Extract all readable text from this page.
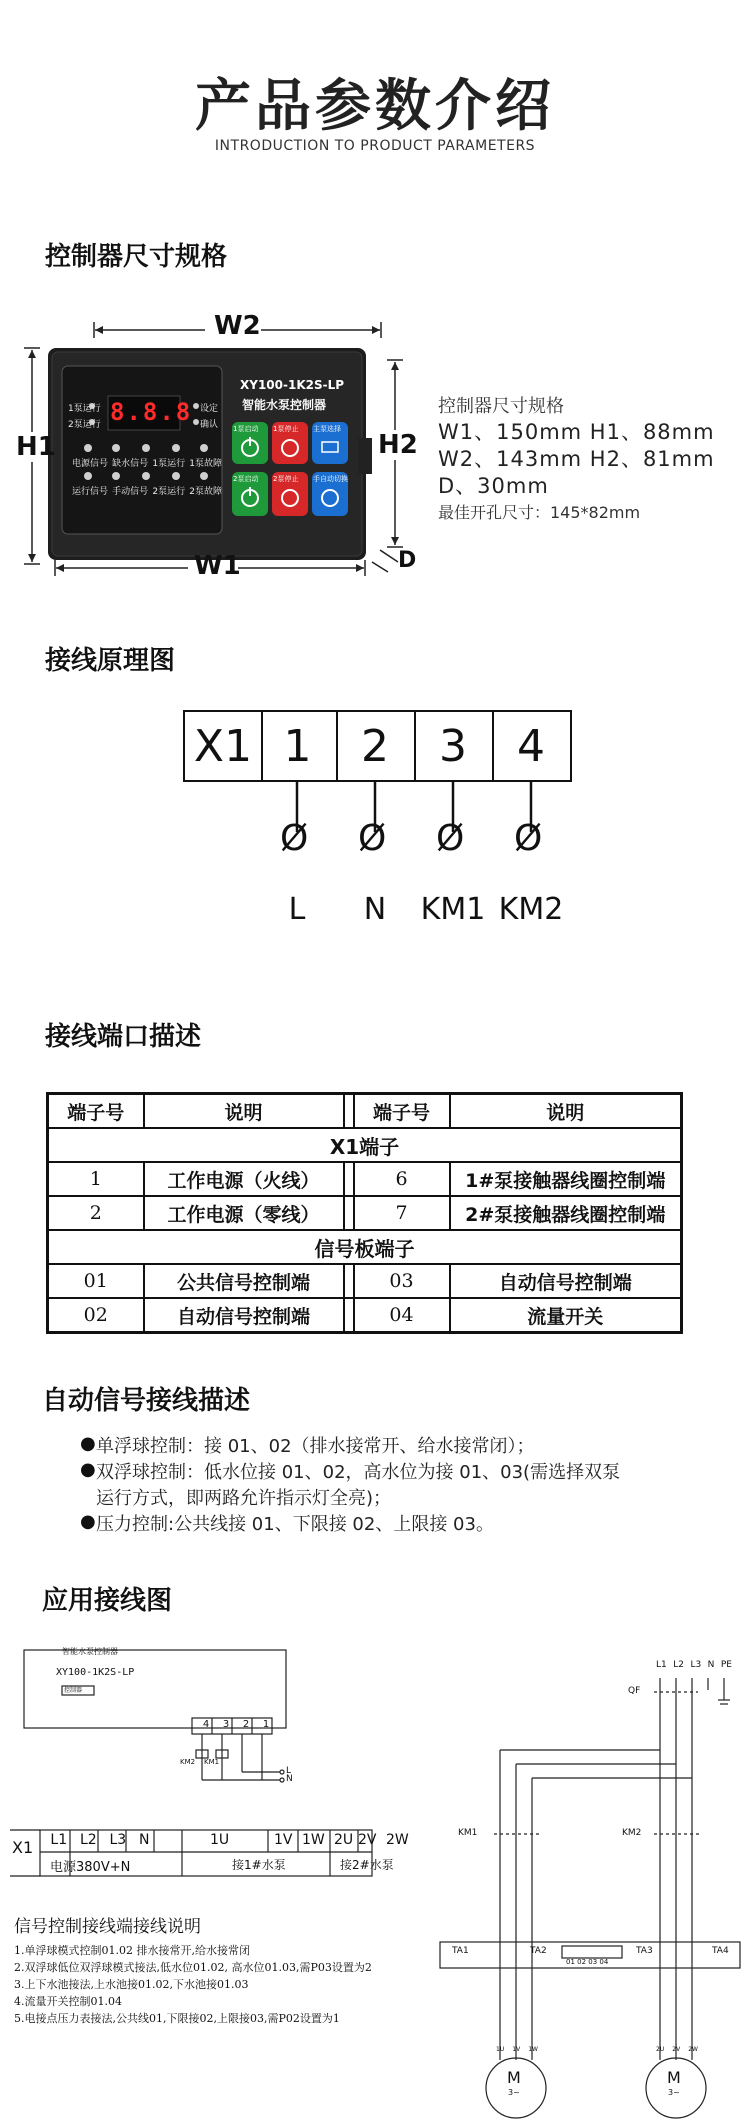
产品参数介绍
INTRODUCTION TO PRODUCT PARAMETERS
控制器尺寸规格
W2
H1	H2
W1	D
XY100-1K2S-LP
智能水泵控制器
8.8.8
1泵运行
2泵运行
设定
确认
电源信号 缺水信号 1泵运行 1泵故障
运行信号 手动信号 2泵运行 2泵故障
1泵启动 1泵停止 主泵选择
2泵启动 2泵停止 手自动切换
控制器尺寸规格
W1、150mm H1、88mm
W2、143mm H2、81mm
D、30mm
最佳开孔尺寸：145*82mm
接线原理图
X1 1	2	3	4
Ø Ø Ø Ø
L	N	KM1 KM2
接线端口描述
端子号	说明		端子号	说明
X1端子				
1	工作电源（火线）		6	1#泵接触器线圈控制端
2	工作电源（零线）		7	2#泵接触器线圈控制端
信号板端子				
01	公共信号控制端		03	自动信号控制端
02	自动信号控制端		04	流量开关
自动信号接线描述
● 单浮球控制：接 01、02（排水接常开、给水接常闭）；
● 双浮球控制：低水位接 01、02，高水位为接 01、03(需选择双泵
运行方式，即两路允许指示灯全亮)；
● 压力控制:公共线接 01、下限接 02、上限接 03。
应用接线图
智能水泵控制器
XY100-1K2S-LP
控制器
4 3 2 1
KM2 KM1
L
N
X1 L1 L2 L3 N	1U	1V 1W 2U 2V 2W
电源380V+N	接1#水泵	接2#水泵
L1 L2 L3 N PE
QF
KM1	KM2
TA1	TA2	TA3	TA4
01 02 03 04
M
3~
M
3~
1U 1V 1W	2U 2V 2W
信号控制接线端接线说明
1.单浮球模式控制01.02 排水接常开,给水接常闭
2.双浮球低位双浮球模式接法,低水位01.02, 高水位01.03,需P03设置为2
3.上下水池接法,上水池接01.02,下水池接01.03
4.流量开关控制01.04
5.电接点压力表接法,公共线01,下限接02,上限接03,需P02设置为1
